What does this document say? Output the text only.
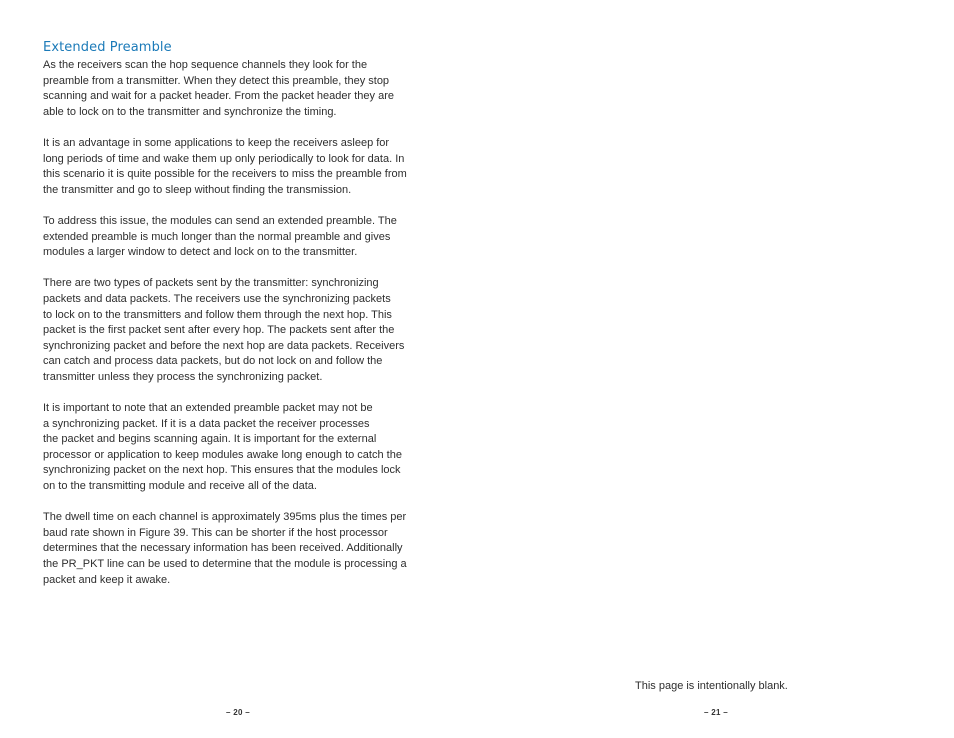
Extended Preamble

As the receivers scan the hop sequence channels they look for the
preamble from a transmitter. When they detect this preamble, they stop
scanning and wait for a packet header. From the packet header they are
able to lock on to the transmitter and synchronize the timing.

It is an advantage in some applications to keep the receivers asleep for
long periods of time and wake them up only periodically to look for data. In
this scenario it is quite possible for the receivers to miss the preamble from
the transmitter and go to sleep without finding the transmission.

To address this issue, the modules can send an extended preamble. The
extended preamble is much longer than the normal preamble and gives
modules a larger window to detect and lock on to the transmitter.

There are two types of packets sent by the transmitter: synchronizing
packets and data packets. The receivers use the synchronizing packets
to lock on to the transmitters and follow them through the next hop. This
packet is the first packet sent after every hop. The packets sent after the
synchronizing packet and before the next hop are data packets. Receivers
can catch and process data packets, but do not lock on and follow the
transmitter unless they process the synchronizing packet.

It is important to note that an extended preamble packet may not be
a synchronizing packet. If it is a data packet the receiver processes
the packet and begins scanning again. It is important for the external
processor or application to keep modules awake long enough to catch the
synchronizing packet on the next hop. This ensures that the modules lock
on to the transmitting module and receive all of the data.

The dwell time on each channel is approximately 395ms plus the times per
baud rate shown in Figure 39. This can be shorter if the host processor
determines that the necessary information has been received. Additionally
the PR_PKT line can be used to determine that the module is processing a
packet and keep it awake.

– 20 –
This page is intentionally blank.
– 21 –
